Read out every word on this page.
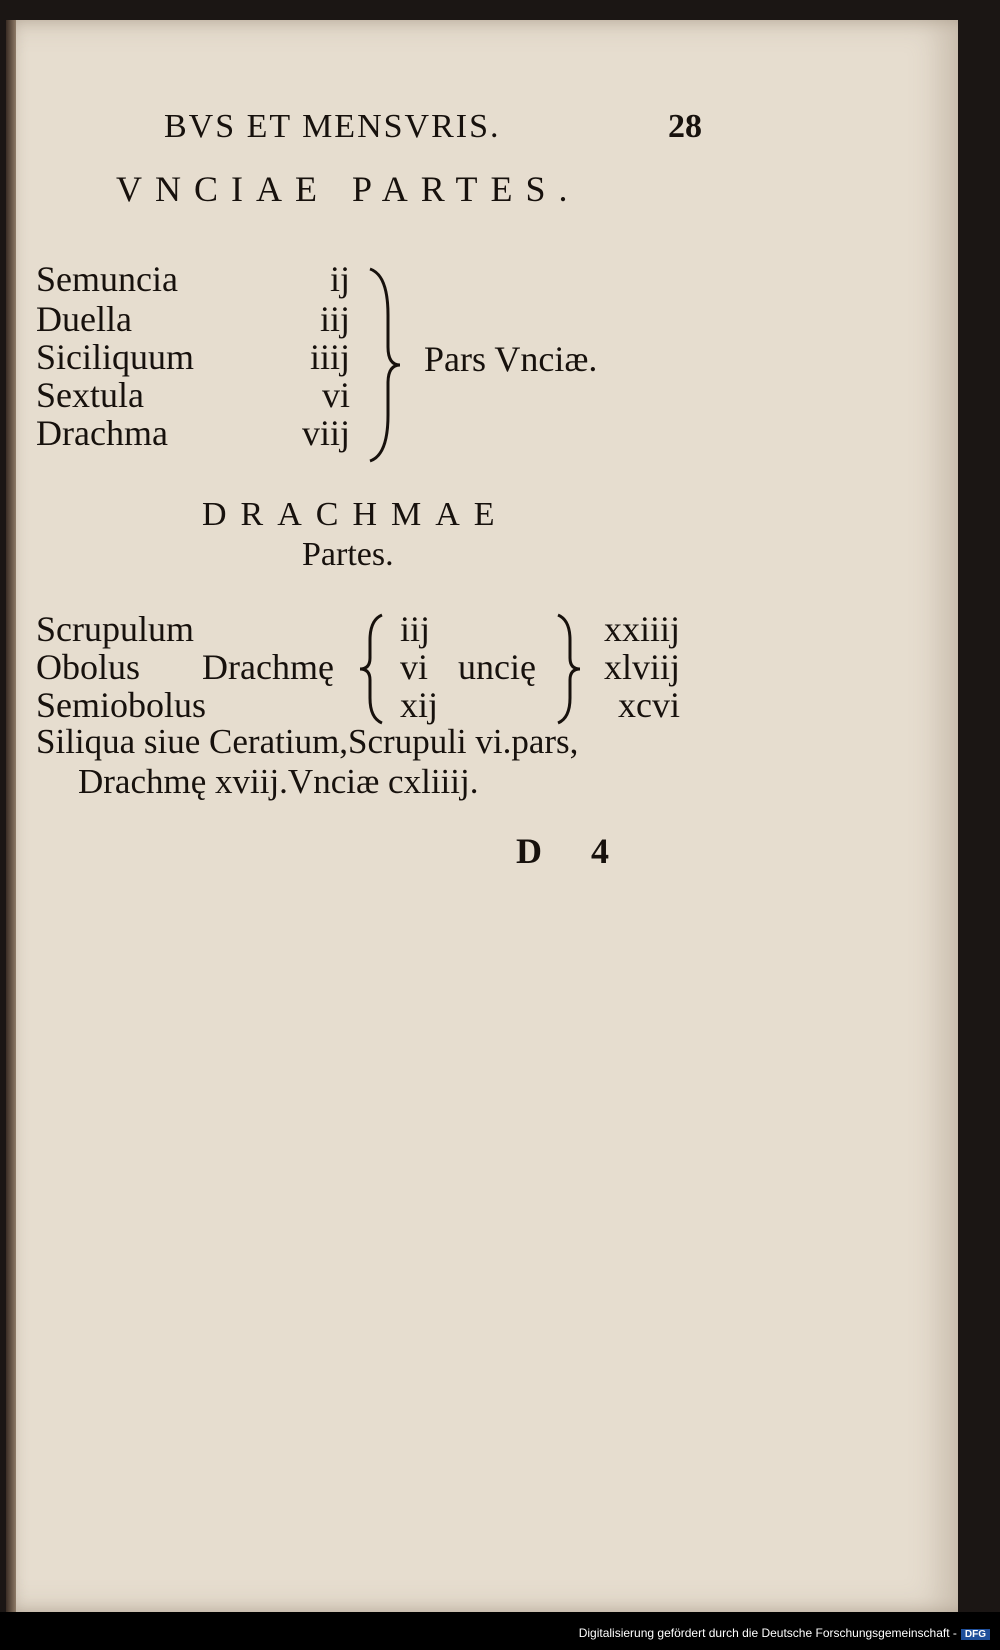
BVS ET MENSVRIS.	28
VNCIAE PARTES.
Semuncia
Duella
Siciliquum
Sextula
Drachma
ij
iij
iiij
vi
viij
Pars Vnciæ.
DRACHMAE
Partes.
Scrupulum
Obolus Drachmę
Semiobolus
iij
vi
xij
uncię
xxiiij
xlviij
xcvi
Siliqua siue Ceratium,Scrupuli vi.pars,
Drachmę xviij.Vnciæ cxliiij.
D 4
Digitalisierung gefördert durch die Deutsche Forschungsgemeinschaft - DFG
